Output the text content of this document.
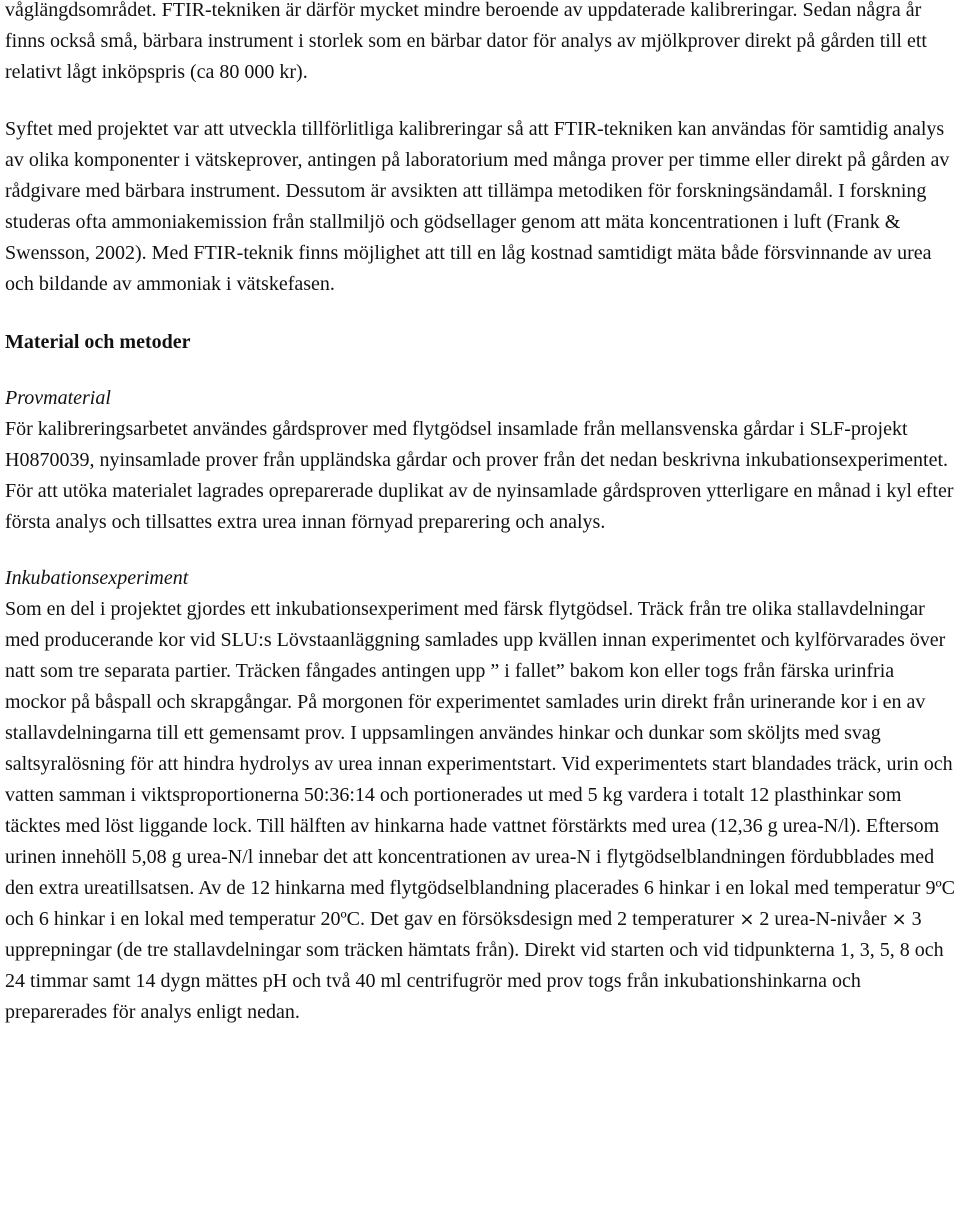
våglängdsområdet. FTIR-tekniken är därför mycket mindre beroende av uppdaterade kalibreringar. Sedan några år finns också små, bärbara instrument i storlek som en bärbar dator för analys av mjölkprover direkt på gården till ett relativt lågt inköpspris (ca 80 000 kr).

Syftet med projektet var att utveckla tillförlitliga kalibreringar så att FTIR-tekniken kan användas för samtidig analys av olika komponenter i vätskeprover, antingen på laboratorium med många prover per timme eller direkt på gården av rådgivare med bärbara instrument. Dessutom är avsikten att tillämpa metodiken för forskningsändamål. I forskning studeras ofta ammoniakemission från stallmiljö och gödsellager genom att mäta koncentrationen i luft (Frank & Swensson, 2002). Med FTIR-teknik finns möjlighet att till en låg kostnad samtidigt mäta både försvinnande av urea och bildande av ammoniak i vätskefasen.

Material och metoder

Provmaterial

För kalibreringsarbetet användes gårdsprover med flytgödsel insamlade från mellansvenska gårdar i SLF-projekt H0870039, nyinsamlade prover från uppländska gårdar och prover från det nedan beskrivna inkubationsexperimentet. För att utöka materialet lagrades opreparerade duplikat av de nyinsamlade gårdsproven ytterligare en månad i kyl efter första analys och tillsattes extra urea innan förnyad preparering och analys.

Inkubationsexperiment

Som en del i projektet gjordes ett inkubationsexperiment med färsk flytgödsel. Träck från tre olika stallavdelningar med producerande kor vid SLU:s Lövstaanläggning samlades upp kvällen innan experimentet och kylförvarades över natt som tre separata partier. Träcken fångades antingen upp ” i fallet” bakom kon eller togs från färska urinfria mockor på båspall och skrapgångar. På morgonen för experimentet samlades urin direkt från urinerande kor i en av stallavdelningarna till ett gemensamt prov. I uppsamlingen användes hinkar och dunkar som sköljts med svag saltsyralösning för att hindra hydrolys av urea innan experimentstart. Vid experimentets start blandades träck, urin och vatten samman i viktsproportionerna 50:36:14 och portionerades ut med 5 kg vardera i totalt 12 plasthinkar som täcktes med löst liggande lock. Till hälften av hinkarna hade vattnet förstärkts med urea (12,36 g urea-N/l). Eftersom urinen innehöll 5,08 g urea-N/l innebar det att koncentrationen av urea-N i flytgödselblandningen fördubblades med den extra ureatillsatsen. Av de 12 hinkarna med flytgödselblandning placerades 6 hinkar i en lokal med temperatur 9ºC och 6 hinkar i en lokal med temperatur 20ºC. Det gav en försöksdesign med 2 temperaturer × 2 urea-N-nivåer × 3 upprepningar (de tre stallavdelningar som träcken hämtats från). Direkt vid starten och vid tidpunkterna 1, 3, 5, 8 och 24 timmar samt 14 dygn mättes pH och två 40 ml centrifugrör med prov togs från inkubationshinkarna och preparerades för analys enligt nedan.
